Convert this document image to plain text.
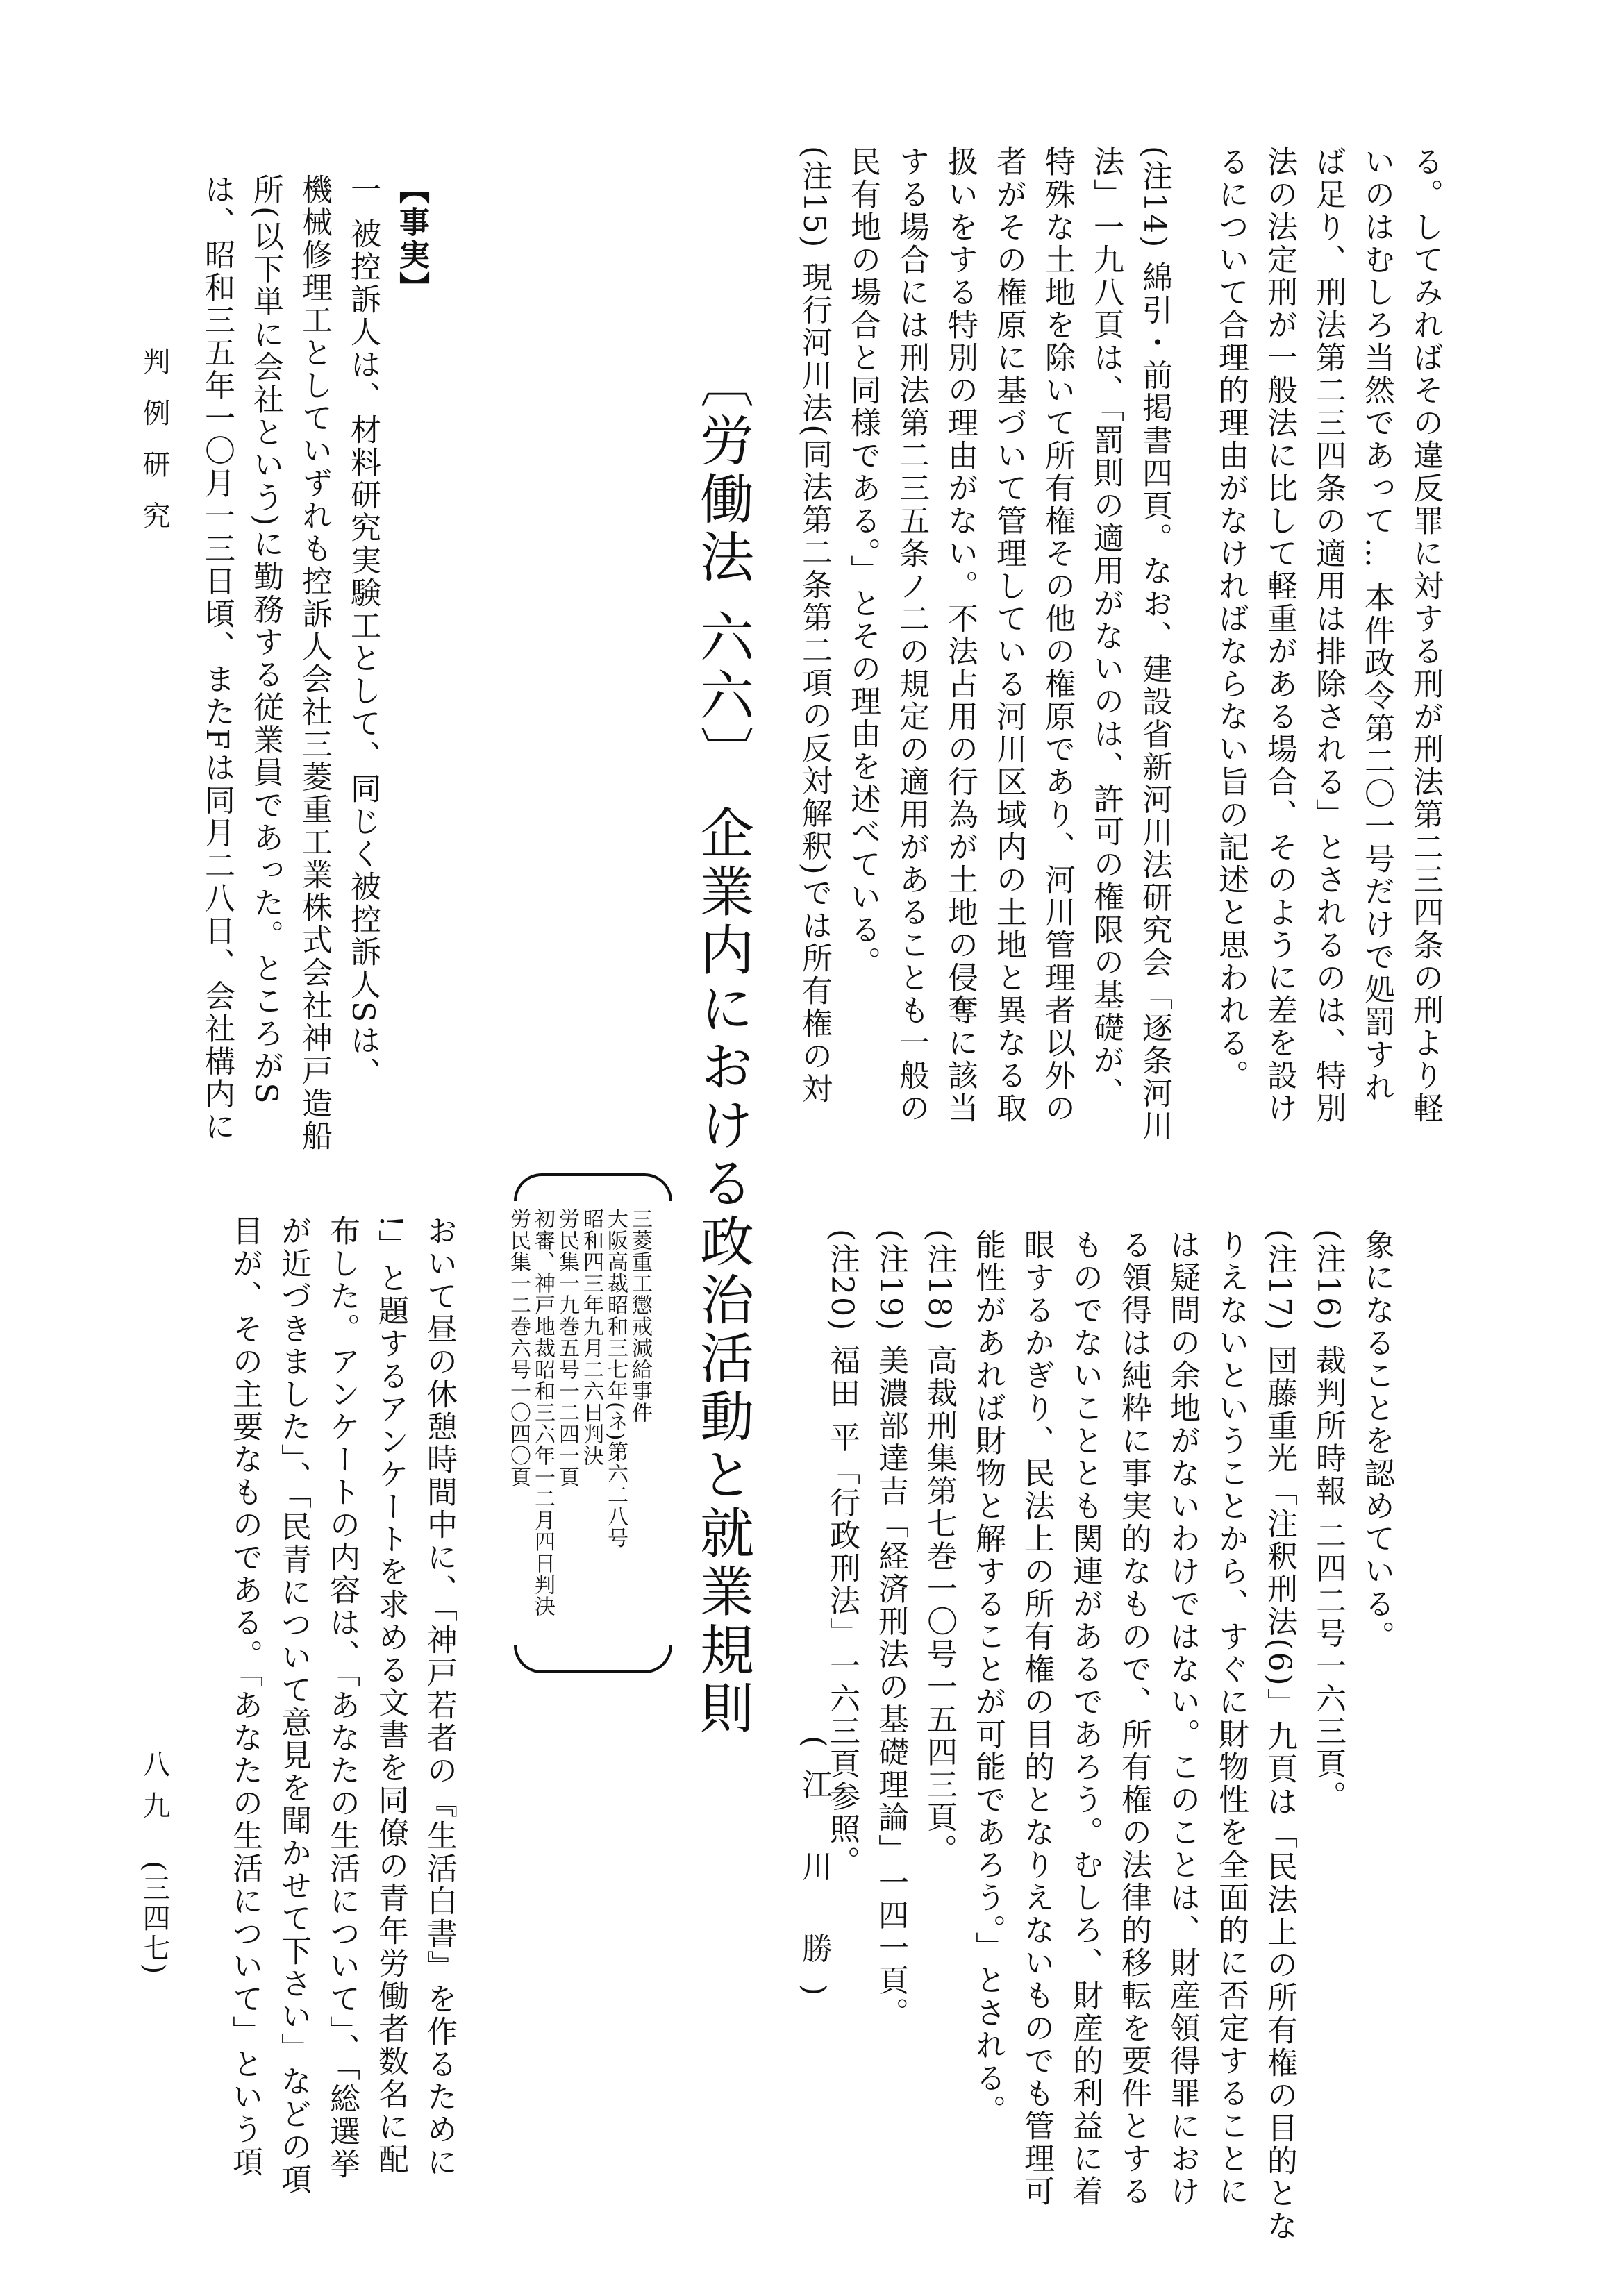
る。してみればその違反罪に対する刑が刑法第二三四条の刑より軽
いのはむしろ当然であって… 本件政令第二〇一号だけで処罰すれ
ば足り、刑法第二三四条の適用は排除される」とされるのは、特別
法の法定刑が一般法に比して軽重がある場合、そのように差を設け
るについて合理的理由がなければならない旨の記述と思われる。
(注14) 綿引・前掲書四頁。なお、建設省新河川法研究会「逐条河川
法」一九八頁は、「罰則の適用がないのは、許可の権限の基礎が、
特殊な土地を除いて所有権その他の権原であり、河川管理者以外の
者がその権原に基づいて管理している河川区域内の土地と異なる取
扱いをする特別の理由がない。不法占用の行為が土地の侵奪に該当
する場合には刑法第二三五条ノ二の規定の適用があることも一般の
民有地の場合と同様である。」とその理由を述べている。
(注15) 現行河川法(同法第二条第二項の反対解釈)では所有権の対
象になることを認めている。
(注16) 裁判所時報 二四二号一六三頁。
(注17) 団藤重光「注釈刑法(6)」九頁は「民法上の所有権の目的とな
りえないということから、すぐに財物性を全面的に否定することに
は疑問の余地がないわけではない。このことは、財産領得罪におけ
る領得は純粋に事実的なもので、所有権の法律的移転を要件とする
ものでないこととも関連があるであろう。むしろ、財産的利益に着
眼するかぎり、民法上の所有権の目的となりえないものでも管理可
能性があれば財物と解することが可能であろう。」とされる。
(注18) 高裁刑集第七巻一〇号一五四三頁。
(注19) 美濃部達吉「経済刑法の基礎理論」一四一頁。
(注20) 福田 平「行政刑法」一六三頁参照。
(江 川 勝)
〔労働法 六六〕 企業内における政治活動と就業規則
三菱重工懲戒減給事件
大阪高裁昭和三七年(ネ)第六二八号
昭和四三年九月二六日判決
労民集一九巻五号一二四一頁
初審、神戸地裁昭和三六年一二月四日判決
労民集一二巻六号一〇四〇頁
【事実】
一 被控訴人は、材料研究実験工として、同じく被控訴人Sは、
機械修理工としていずれも控訴人会社三菱重工業株式会社神戸造船
所(以下単に会社という)に勤務する従業員であった。ところがS
は、昭和三五年一〇月一三日頃、またFは同月二八日、会社構内に
おいて昼の休憩時間中に、「神戸若者の『生活白書』を作るために
!」と題するアンケートを求める文書を同僚の青年労働者数名に配
布した。アンケートの内容は、「あなたの生活について」、「総選挙
が近づきました」、「民青について意見を聞かせて下さい」などの項
目が、その主要なものである。「あなたの生活について」という項
判例研究
八九
(三四七)
